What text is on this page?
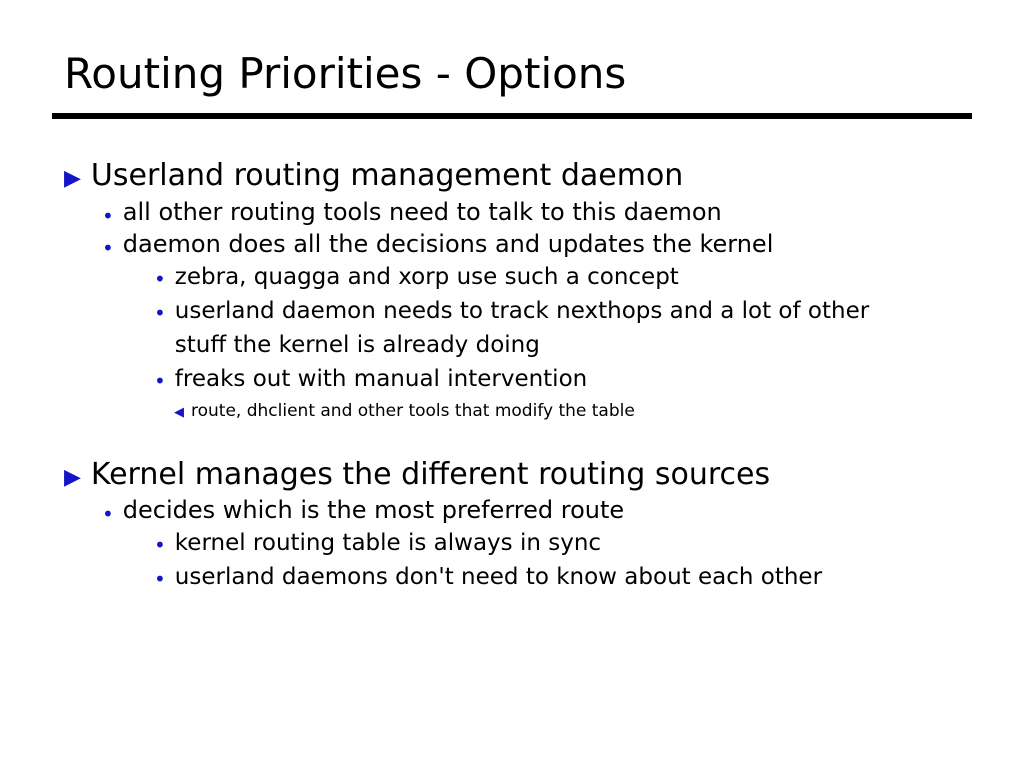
Routing Priorities - Options
▶ Userland routing management daemon
• all other routing tools need to talk to this daemon
• daemon does all the decisions and updates the kernel
• zebra, quagga and xorp use such a concept
• userland daemon needs to track nexthops and a lot of other stuff the kernel is already doing
• freaks out with manual intervention
◀ route, dhclient and other tools that modify the table
▶ Kernel manages the different routing sources
• decides which is the most preferred route
• kernel routing table is always in sync
• userland daemons don't need to know about each other
